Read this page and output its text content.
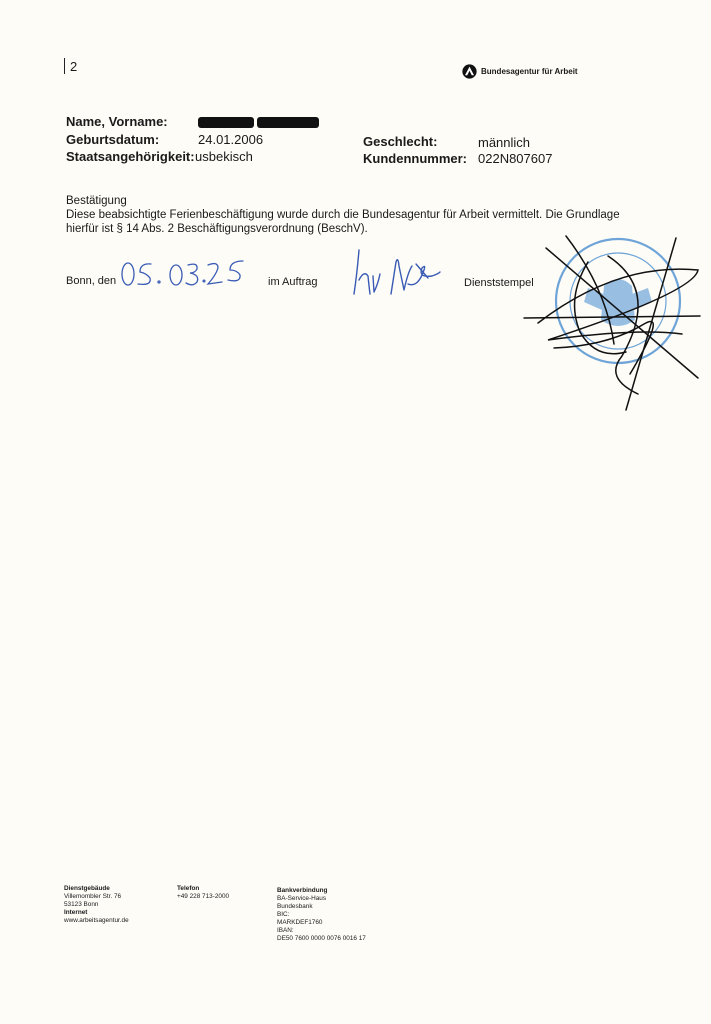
2	Bundesagentur für Arbeit
Name, Vorname:
Geburtsdatum:	24.01.2006
Staatsangehörigkeit: usbekisch
Geschlecht:	männlich
Kundennummer: 022N807607
Bestätigung
Diese beabsichtigte Ferienbeschäftigung wurde durch die Bundesagentur für Arbeit vermittelt. Die Grundlage
hierfür ist § 14 Abs. 2 Beschäftigungsverordnung (BeschV).
Bonn, den	im Auftrag	Dienststempel
Dienstgebäude
Villemombler Str. 76
53123 Bonn
Internet
www.arbeitsagentur.de
Telefon
+49 228 713-2000
Bankverbindung
BA-Service-Haus
Bundesbank
BIC:
MARKDEF1760
IBAN:
DE50 7600 0000 0076 0016 17
